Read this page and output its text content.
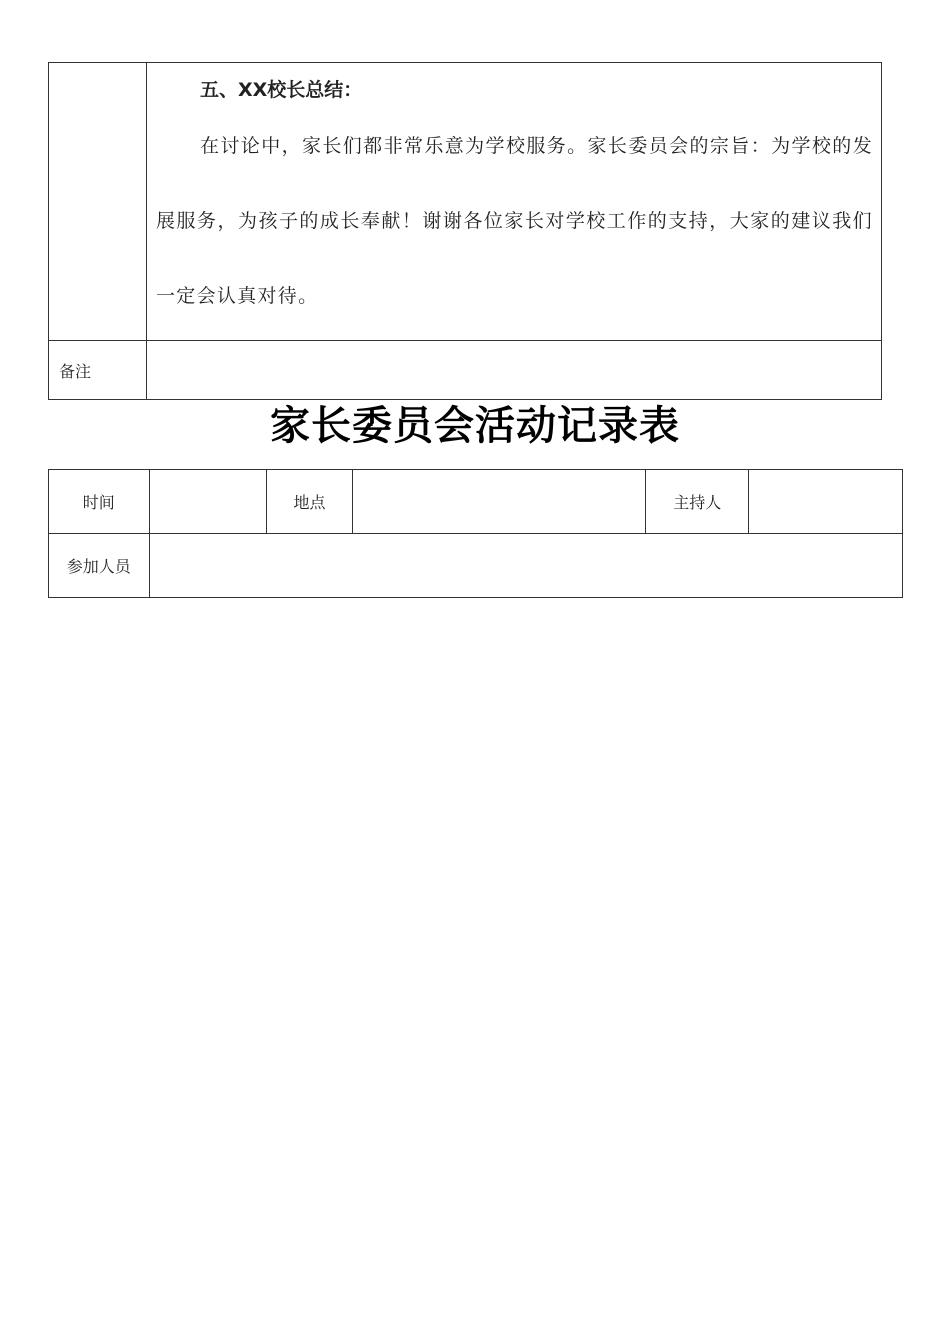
	五、XX校长总结：

在讨论中，家长们都非常乐意为学校服务。家长委员会的宗旨：为学校的发展服务，为孩子的成长奉献！谢谢各位家长对学校工作的支持，大家的建议我们一定会认真对待。

备注	
家长委员会活动记录表
时间		地点		主持人	
参加人员					
